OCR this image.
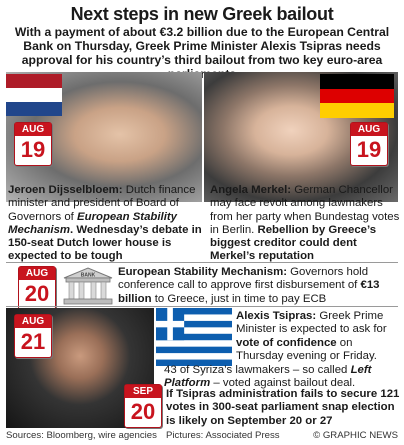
Next steps in new Greek bailout
With a payment of about €3.2 billion due to the European Central Bank on Thursday, Greek Prime Minister Alexis Tsipras needs approval for his country’s third bailout from two key euro-area
AUG
19
AUG
19
Jeroen Dijsselbloem: Dutch finance minister and president of Board of Governors of European Stability Mechanism. Wednesday’s debate in 150-seat Dutch lower house is expected to be tough
Angela Merkel: German Chancellor may face revolt among lawmakers from her party when Bundestag votes in Berlin. Rebellion by Greece’s biggest creditor could dent Merkel’s reputation
AUG
20
BANK European Stability Mechanism: Governors hold conference call to approve first disbursement of €13 billion to Greece, just in time to pay ECB
AUG
21
Alexis Tsipras: Greek Prime Minister is expected to ask for vote of confidence on Thursday evening or Friday.
43 of Syriza’s lawmakers – so called Left Platform – voted against bailout deal.
SEP
20
If Tsipras administration fails to secure 121 votes in 300-seat parliament snap election is likely on September 20 or 27
Sources: Bloomberg, wire agencies Pictures: Associated Press	© GRAPHIC NEWS
